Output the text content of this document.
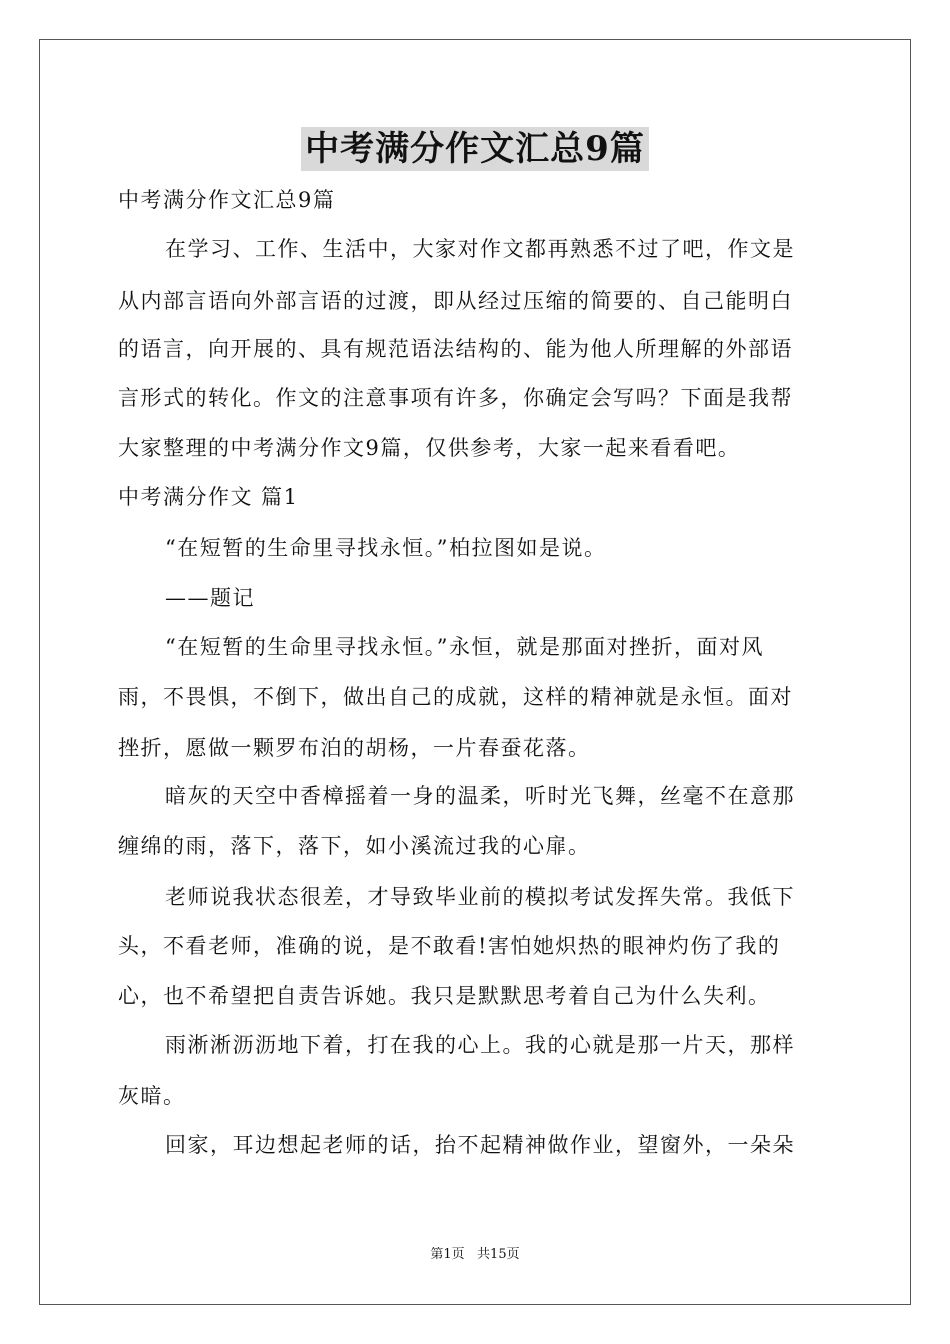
中考满分作文汇总9篇
中考满分作文汇总9篇
在学习、工作、生活中，大家对作文都再熟悉不过了吧，作文是
从内部言语向外部言语的过渡，即从经过压缩的简要的、自己能明白
的语言，向开展的、具有规范语法结构的、能为他人所理解的外部语
言形式的转化。作文的注意事项有许多，你确定会写吗？下面是我帮
大家整理的中考满分作文9篇，仅供参考，大家一起来看看吧。
中考满分作文 篇1
“在短暂的生命里寻找永恒。”柏拉图如是说。
——题记
“在短暂的生命里寻找永恒。”永恒，就是那面对挫折，面对风
雨，不畏惧，不倒下，做出自己的成就，这样的精神就是永恒。面对
挫折，愿做一颗罗布泊的胡杨，一片春蚕花落。
暗灰的天空中香樟摇着一身的温柔，听时光飞舞，丝毫不在意那
缠绵的雨，落下，落下，如小溪流过我的心扉。
老师说我状态很差，才导致毕业前的模拟考试发挥失常。我低下
头，不看老师，准确的说，是不敢看!害怕她炽热的眼神灼伤了我的
心，也不希望把自责告诉她。我只是默默思考着自己为什么失利。
雨淅淅沥沥地下着，打在我的心上。我的心就是那一片天，那样
灰暗。
回家，耳边想起老师的话，抬不起精神做作业，望窗外，一朵朵
第1页   共15页
